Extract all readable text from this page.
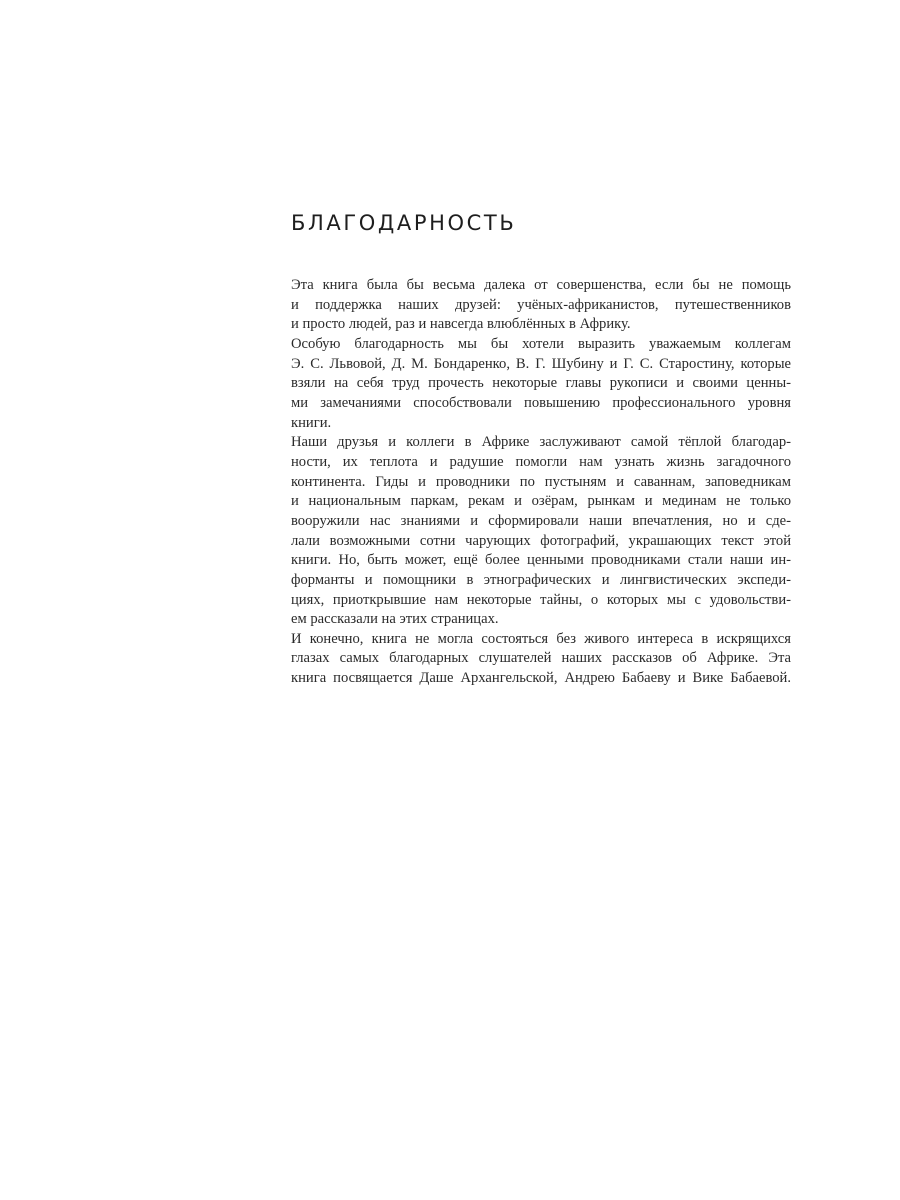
БЛАГОДАРНОСТЬ

Эта книга была бы весьма далека от совершенства, если бы не помощь
и поддержка наших друзей: учёных-африканистов, путешественников
и просто людей, раз и навсегда влюблённых в Африку.

Особую благодарность мы бы хотели выразить уважаемым коллегам
Э. С. Львовой, Д. М. Бондаренко, В. Г. Шубину и Г. С. Старостину, которые
взяли на себя труд прочесть некоторые главы рукописи и своими ценны-
ми замечаниями способствовали повышению профессионального уровня
книги.

Наши друзья и коллеги в Африке заслуживают самой тёплой благодар-
ности, их теплота и радушие помогли нам узнать жизнь загадочного
континента. Гиды и проводники по пустыням и саваннам, заповедникам
и национальным паркам, рекам и озёрам, рынкам и мединам не только
вооружили нас знаниями и сформировали наши впечатления, но и сде-
лали возможными сотни чарующих фотографий, украшающих текст этой
книги. Но, быть может, ещё более ценными проводниками стали наши ин-
форманты и помощники в этнографических и лингвистических экспеди-
циях, приоткрывшие нам некоторые тайны, о которых мы с удовольстви-
ем рассказали на этих страницах.

И конечно, книга не могла состояться без живого интереса в искрящихся
глазах самых благодарных слушателей наших рассказов об Африке. Эта
книга посвящается Даше Архангельской, Андрею Бабаеву и Вике Бабаевой.
